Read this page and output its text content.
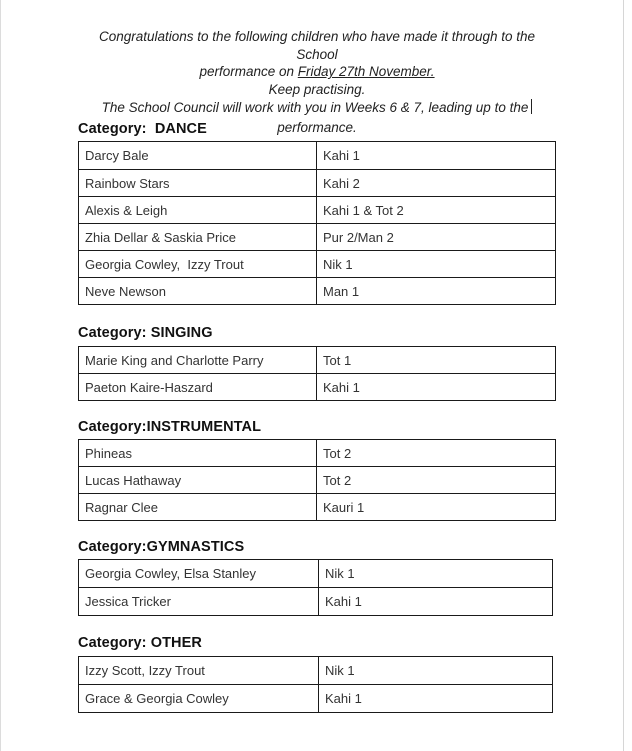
Congratulations to the following children who have made it through to the School
performance on Friday 27th November.
Keep practising.
The School Council will work with you in Weeks 6 & 7, leading up to the
performance.
Category:  DANCE
Darcy Bale	Kahi 1
Rainbow Stars	Kahi 2
Alexis & Leigh	Kahi 1 & Tot 2
Zhia Dellar & Saskia Price	Pur 2/Man 2
Georgia Cowley,  Izzy Trout	Nik 1
Neve Newson	Man 1
Category: SINGING
Marie King and Charlotte Parry	Tot 1
Paeton Kaire-Haszard	Kahi 1
Category:INSTRUMENTAL
Phineas	Tot 2
Lucas Hathaway	Tot 2
Ragnar Clee	Kauri 1
Category:GYMNASTICS
Georgia Cowley, Elsa Stanley	Nik 1
Jessica Tricker	Kahi 1
Category: OTHER
Izzy Scott, Izzy Trout	Nik 1
Grace & Georgia Cowley	Kahi 1
